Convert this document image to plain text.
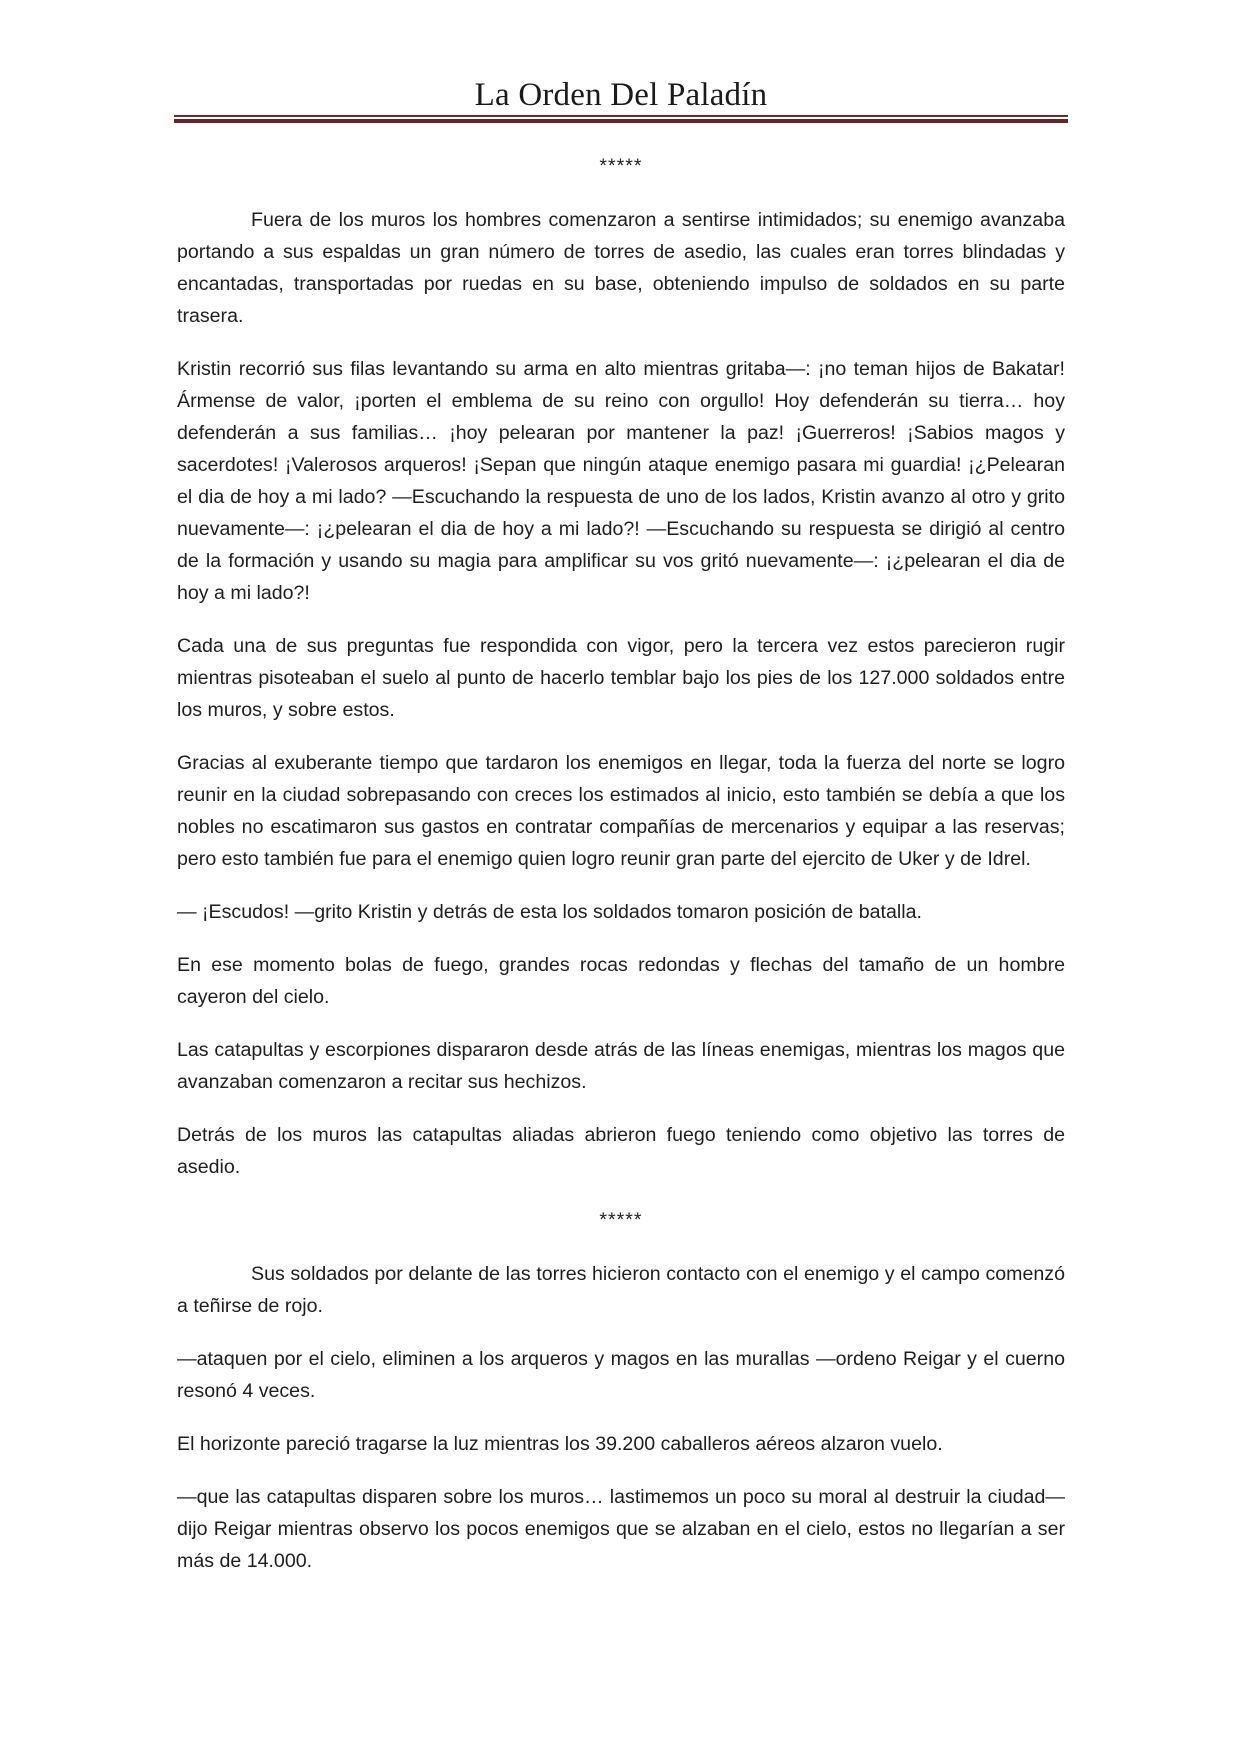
La Orden Del Paladín

*****

Fuera de los muros los hombres comenzaron a sentirse intimidados; su enemigo avanzaba portando a sus espaldas un gran número de torres de asedio, las cuales eran torres blindadas y encantadas, transportadas por ruedas en su base, obteniendo impulso de soldados en su parte trasera.

Kristin recorrió sus filas levantando su arma en alto mientras gritaba—: ¡no teman hijos de Bakatar! Ármense de valor, ¡porten el emblema de su reino con orgullo! Hoy defenderán su tierra… hoy defenderán a sus familias… ¡hoy pelearan por mantener la paz! ¡Guerreros! ¡Sabios magos y sacerdotes! ¡Valerosos arqueros! ¡Sepan que ningún ataque enemigo pasara mi guardia! ¡¿Pelearan el dia de hoy a mi lado? —Escuchando la respuesta de uno de los lados, Kristin avanzo al otro y grito nuevamente—: ¡¿pelearan el dia de hoy a mi lado?! —Escuchando su respuesta se dirigió al centro de la formación y usando su magia para amplificar su vos gritó nuevamente—: ¡¿pelearan el dia de hoy a mi lado?!

Cada una de sus preguntas fue respondida con vigor, pero la tercera vez estos parecieron rugir mientras pisoteaban el suelo al punto de hacerlo temblar bajo los pies de los 127.000 soldados entre los muros, y sobre estos.

Gracias al exuberante tiempo que tardaron los enemigos en llegar, toda la fuerza del norte se logro reunir en la ciudad sobrepasando con creces los estimados al inicio, esto también se debía a que los nobles no escatimaron sus gastos en contratar compañías de mercenarios y equipar a las reservas; pero esto también fue para el enemigo quien logro reunir gran parte del ejercito de Uker y de Idrel.

— ¡Escudos! —grito Kristin y detrás de esta los soldados tomaron posición de batalla.

En ese momento bolas de fuego, grandes rocas redondas y flechas del tamaño de un hombre cayeron del cielo.

Las catapultas y escorpiones dispararon desde atrás de las líneas enemigas, mientras los magos que avanzaban comenzaron a recitar sus hechizos.

Detrás de los muros las catapultas aliadas abrieron fuego teniendo como objetivo las torres de asedio.

*****

Sus soldados por delante de las torres hicieron contacto con el enemigo y el campo comenzó a teñirse de rojo.

—ataquen por el cielo, eliminen a los arqueros y magos en las murallas —ordeno Reigar y el cuerno resonó 4 veces.

El horizonte pareció tragarse la luz mientras los 39.200 caballeros aéreos alzaron vuelo.

—que las catapultas disparen sobre los muros… lastimemos un poco su moral al destruir la ciudad—dijo Reigar mientras observo los pocos enemigos que se alzaban en el cielo, estos no llegarían a ser más de 14.000.
